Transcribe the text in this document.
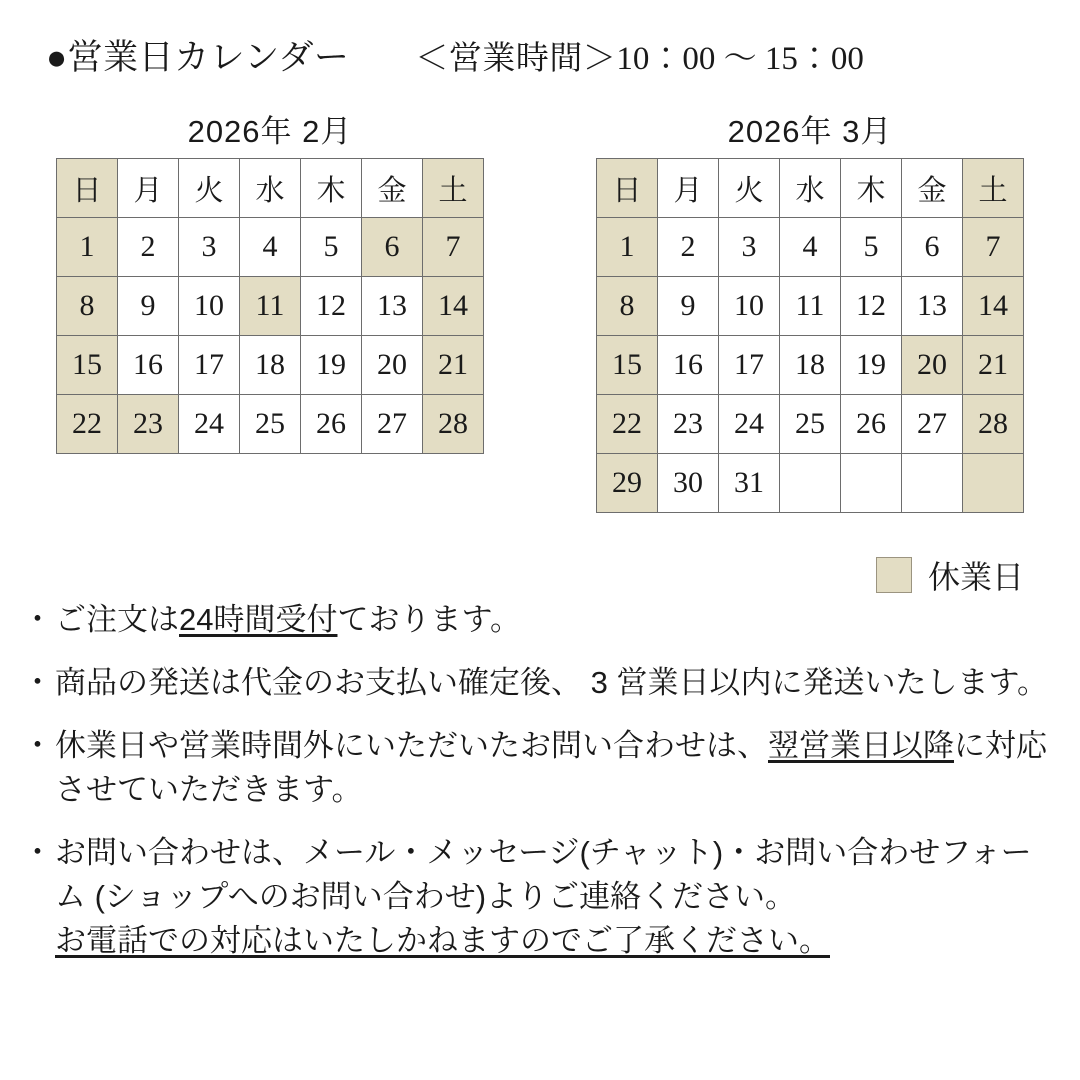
●営業日カレンダー ＜営業時間＞10：00 〜 15：00
2026年 2月
日	月	火	水	木	金	土
1	2	3	4	5	6	7
8	9	10	11	12	13	14
15	16	17	18	19	20	21
22	23	24	25	26	27	28
2026年 3月
日	月	火	水	木	金	土
1	2	3	4	5	6	7
8	9	10	11	12	13	14
15	16	17	18	19	20	21
22	23	24	25	26	27	28
29	30	31				
休業日
・ ご注文は24時間受付ております。
・ 商品の発送は代金のお支払い確定後、 3 営業日以内に発送いたします。
・ 休業日や営業時間外にいただいたお問い合わせは、翌営業日以降に対応させていただきます。
・ お問い合わせは、メール・メッセージ(チャット)・お問い合わせフォーム (ショップへのお問い合わせ)よりご連絡ください。
お電話での対応はいたしかねますのでご了承ください。
